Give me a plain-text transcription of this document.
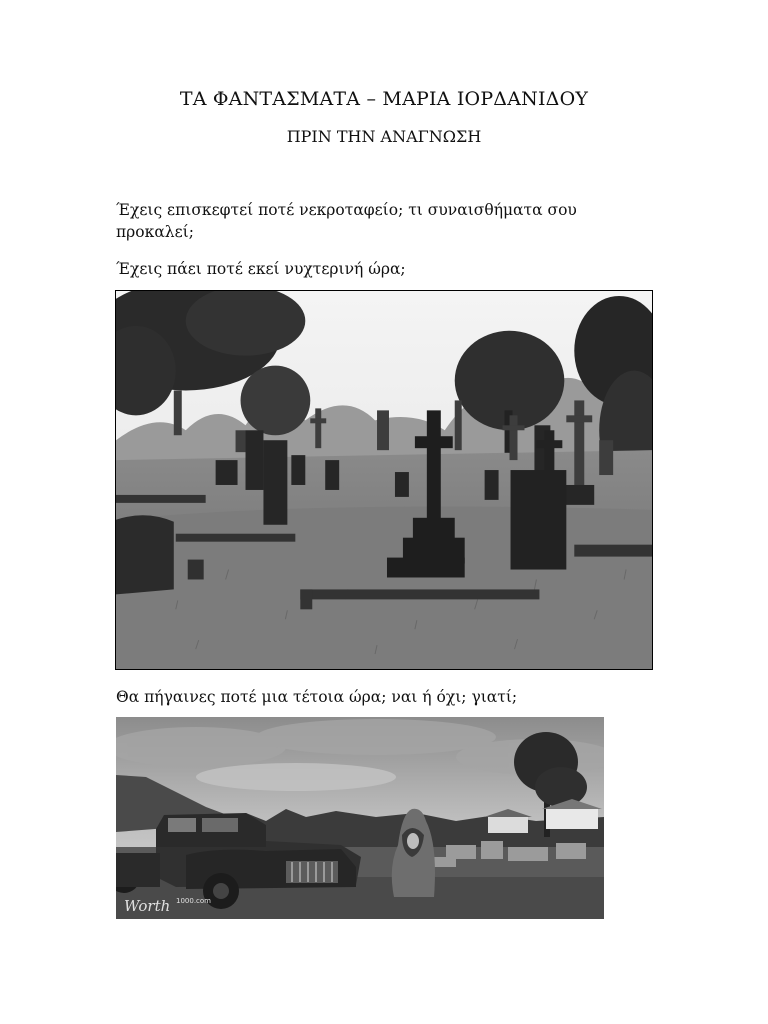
ΤΑ ΦΑΝΤΑΣΜΑΤΑ – ΜΑΡΙΑ ΙΟΡΔΑΝΙΔΟΥ
ΠΡΙΝ ΤΗΝ ΑΝΑΓΝΩΣΗ
Έχεις επισκεφτεί ποτέ νεκροταφείο; τι συναισθήματα σου προκαλεί;
Έχεις πάει ποτέ εκεί νυχτερινή ώρα;
Θα πήγαινες ποτέ μια τέτοια ώρα; ναι ή όχι; γιατί;
Worth 1000.com
